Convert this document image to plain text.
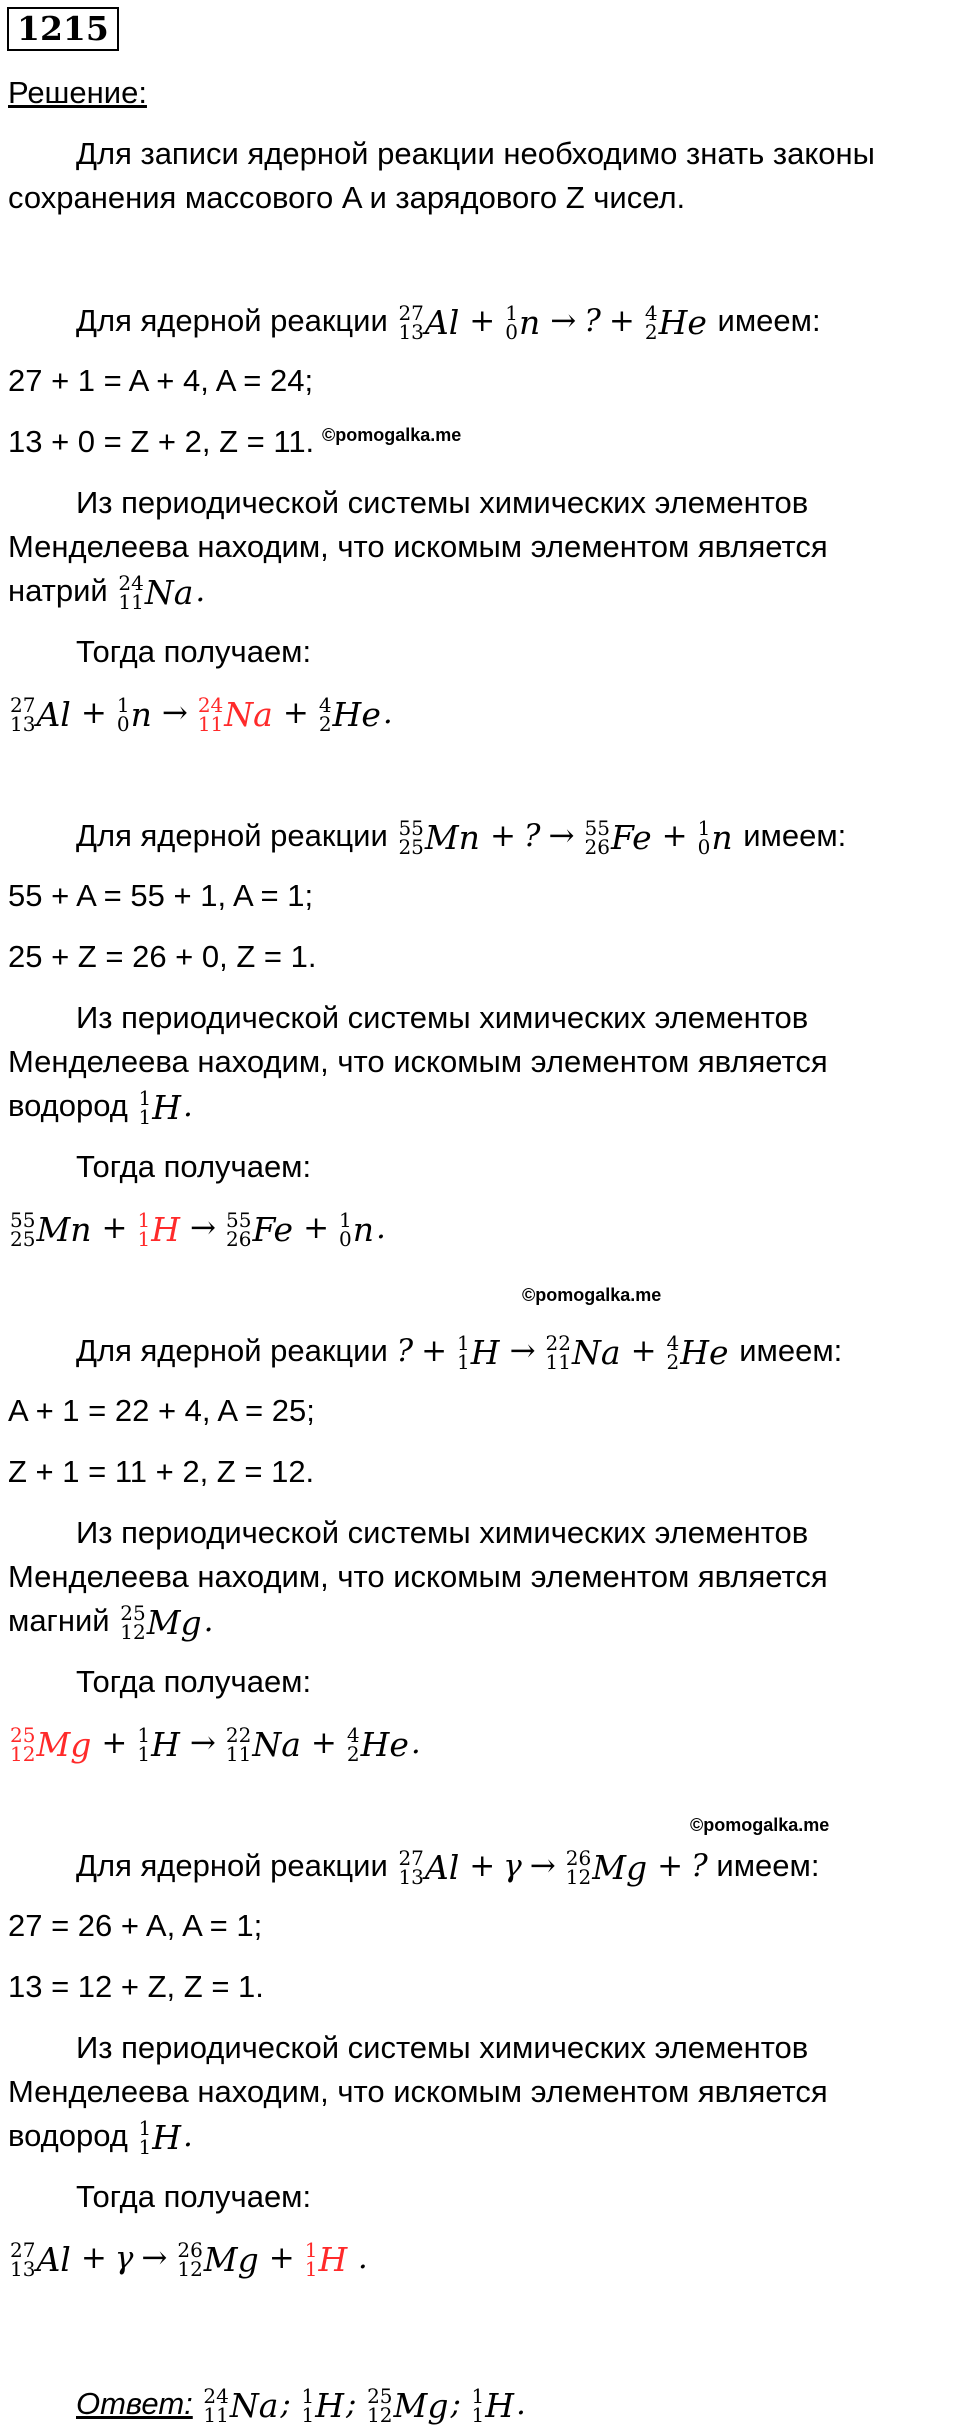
1215
Решение:
Для записи ядерной реакции необходимо знать законы
сохранения массового A и зарядового Z чисел.
Для ядерной реакции 27
13 Al + 1
0 n → ? + 4
2 He имеем:
27 + 1 = A + 4, A = 24;
13 + 0 = Z + 2, Z = 11. ©pomogalka.me
Из периодической системы химических элементов
Менделеева находим, что искомым элементом является
натрий 24
11 Na.
Тогда получаем:
27
13 Al + 1
0 n → 24
11 Na + 4
2 He.
Для ядерной реакции 55
25 Mn + ? → 55
26 Fe + 1
0 n имеем:
55 + A = 55 + 1, A = 1;
25 + Z = 26 + 0, Z = 1.
Из периодической системы химических элементов
Менделеева находим, что искомым элементом является
водород 1
1 H.
Тогда получаем:
55
25 Mn + 1
1 H → 55
26 Fe + 1
0 n.
©pomogalka.me
Для ядерной реакции ? + 1
1 H → 22
11 Na + 4
2 He имеем:
A + 1 = 22 + 4, A = 25;
Z + 1 = 11 + 2, Z = 12.
Из периодической системы химических элементов
Менделеева находим, что искомым элементом является
магний 25
12 Mg.
Тогда получаем:
25
12 Mg + 1
1 H → 22
11 Na + 4
2 He.
©pomogalka.me
Для ядерной реакции 27
13 Al + γ → 26
12 Mg + ? имеем:
27 = 26 + A, A = 1;
13 = 12 + Z, Z = 1.
Из периодической системы химических элементов
Менделеева находим, что искомым элементом является
водород 1
1 H.
Тогда получаем:
27
13 Al + γ → 26
12 Mg + 1
1 H .
Ответ: 24
11 Na; 1
1 H; 25
12 Mg; 1
1 H.
